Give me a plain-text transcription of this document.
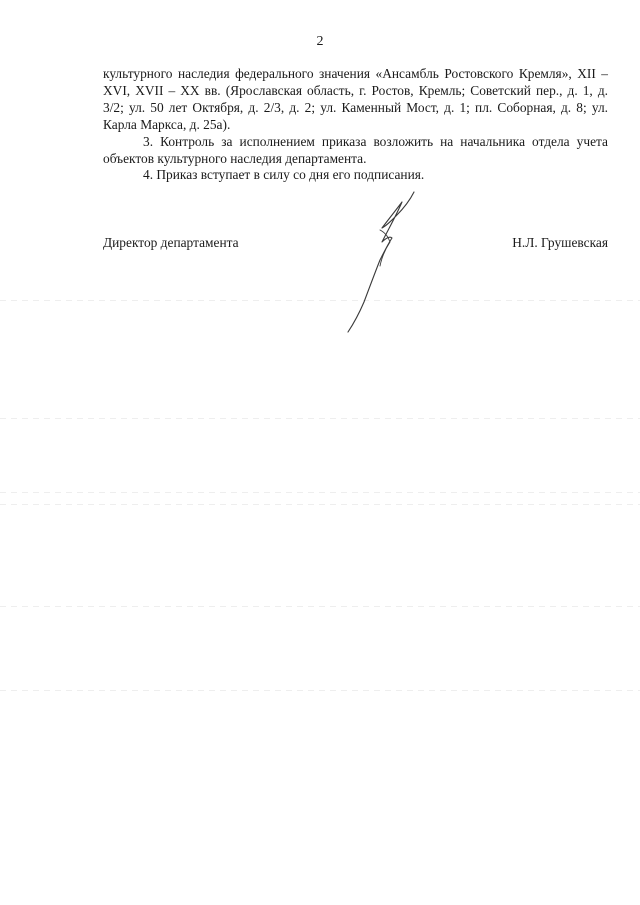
2

культурного наследия федерального значения «Ансамбль Ростовского Кремля», XII – XVI, XVII – XX вв. (Ярославская область, г. Ростов, Кремль; Советский пер., д. 1, д. 3/2; ул. 50 лет Октября, д. 2/3, д. 2; ул. Каменный Мост, д. 1; пл. Соборная, д. 8; ул. Карла Маркса, д. 25а).

3. Контроль за исполнением приказа возложить на начальника отдела учета объектов культурного наследия департамента.

4. Приказ вступает в силу со дня его подписания.

Директор департамента	Н.Л. Грушевская
